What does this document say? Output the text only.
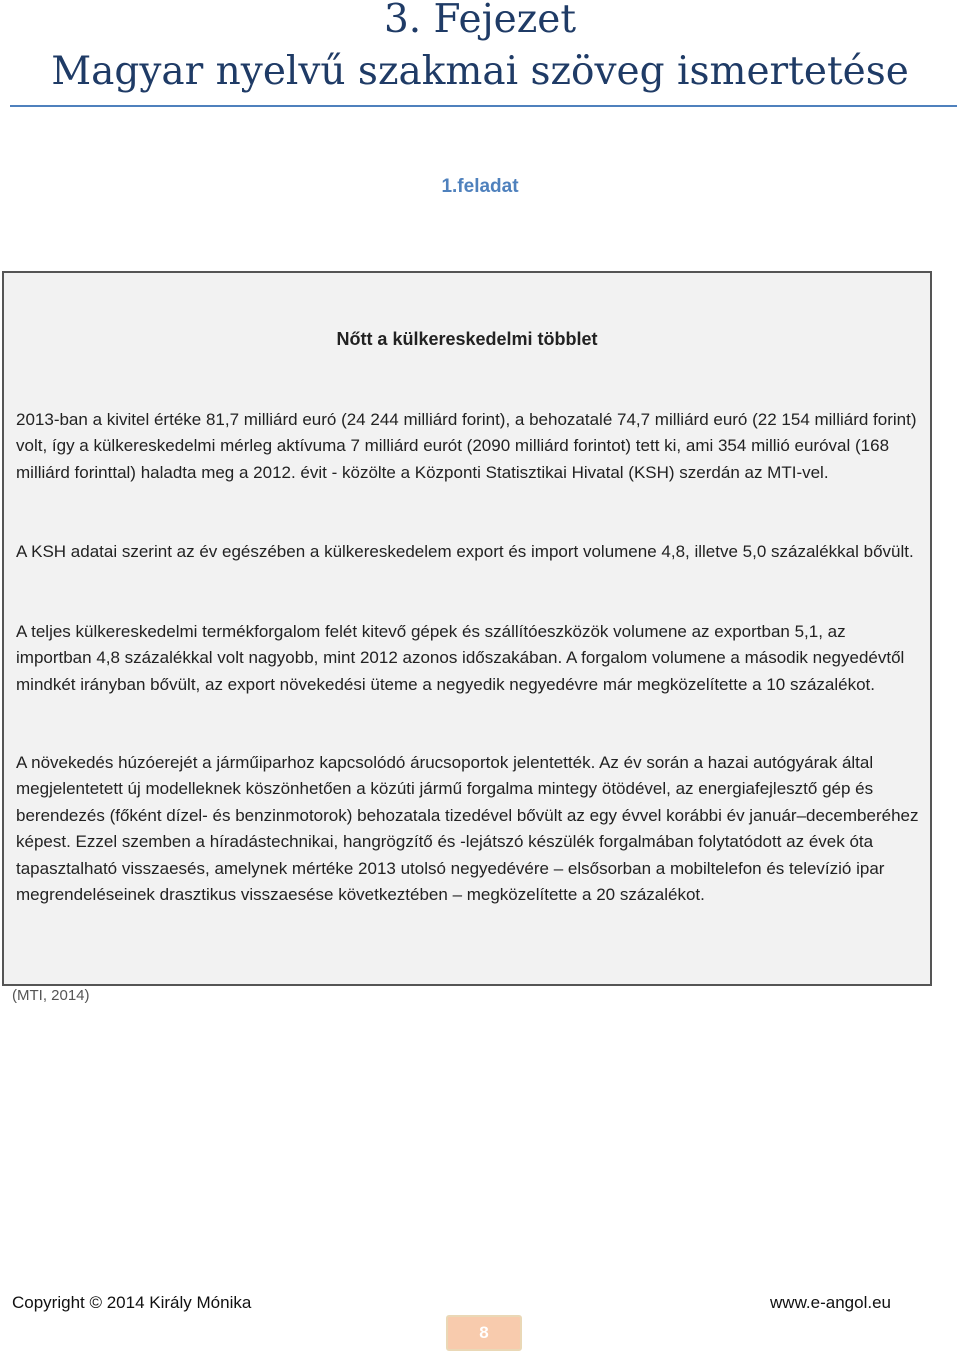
3. Fejezet
Magyar nyelvű szakmai szöveg ismertetése
1.feladat
Nőtt a külkereskedelmi többlet

2013-ban a kivitel értéke 81,7 milliárd euró (24 244 milliárd forint), a behozatalé 74,7 milliárd euró (22 154 milliárd forint) volt, így a külkereskedelmi mérleg aktívuma 7 milliárd eurót (2090 milliárd forintot) tett ki, ami 354 millió euróval (168 milliárd forinttal) haladta meg a 2012. évit - közölte a Központi Statisztikai Hivatal (KSH) szerdán az MTI-vel.

A KSH adatai szerint az év egészében a külkereskedelem export és import volumene 4,8, illetve 5,0 százalékkal bővült.

A teljes külkereskedelmi termékforgalom felét kitevő gépek és szállítóeszközök volumene az exportban 5,1, az importban 4,8 százalékkal volt nagyobb, mint 2012 azonos időszakában. A forgalom volumene a második negyedévtől mindkét irányban bővült, az export növekedési üteme a negyedik negyedévre már megközelítette a 10 százalékot.

A növekedés húzóerejét a járműiparhoz kapcsolódó árucsoportok jelentették. Az év során a hazai autógyárak által megjelentetett új modelleknek köszönhetően a közúti jármű forgalma mintegy ötödével, az energiafejlesztő gép és berendezés (főként dízel- és benzinmotorok) behozatala tizedével bővült az egy évvel korábbi év január–decemberéhez képest. Ezzel szemben a híradástechnikai, hangrögzítő és -lejátszó készülék forgalmában folytatódott az évek óta tapasztalható visszaesés, amelynek mértéke 2013 utolsó negyedévére – elsősorban a mobiltelefon és televízió ipar megrendeléseinek drasztikus visszaesése következtében – megközelítette a 20 százalékot.

(MTI, 2014)
Copyright © 2014 Király Mónika	www.e-angol.eu
8
